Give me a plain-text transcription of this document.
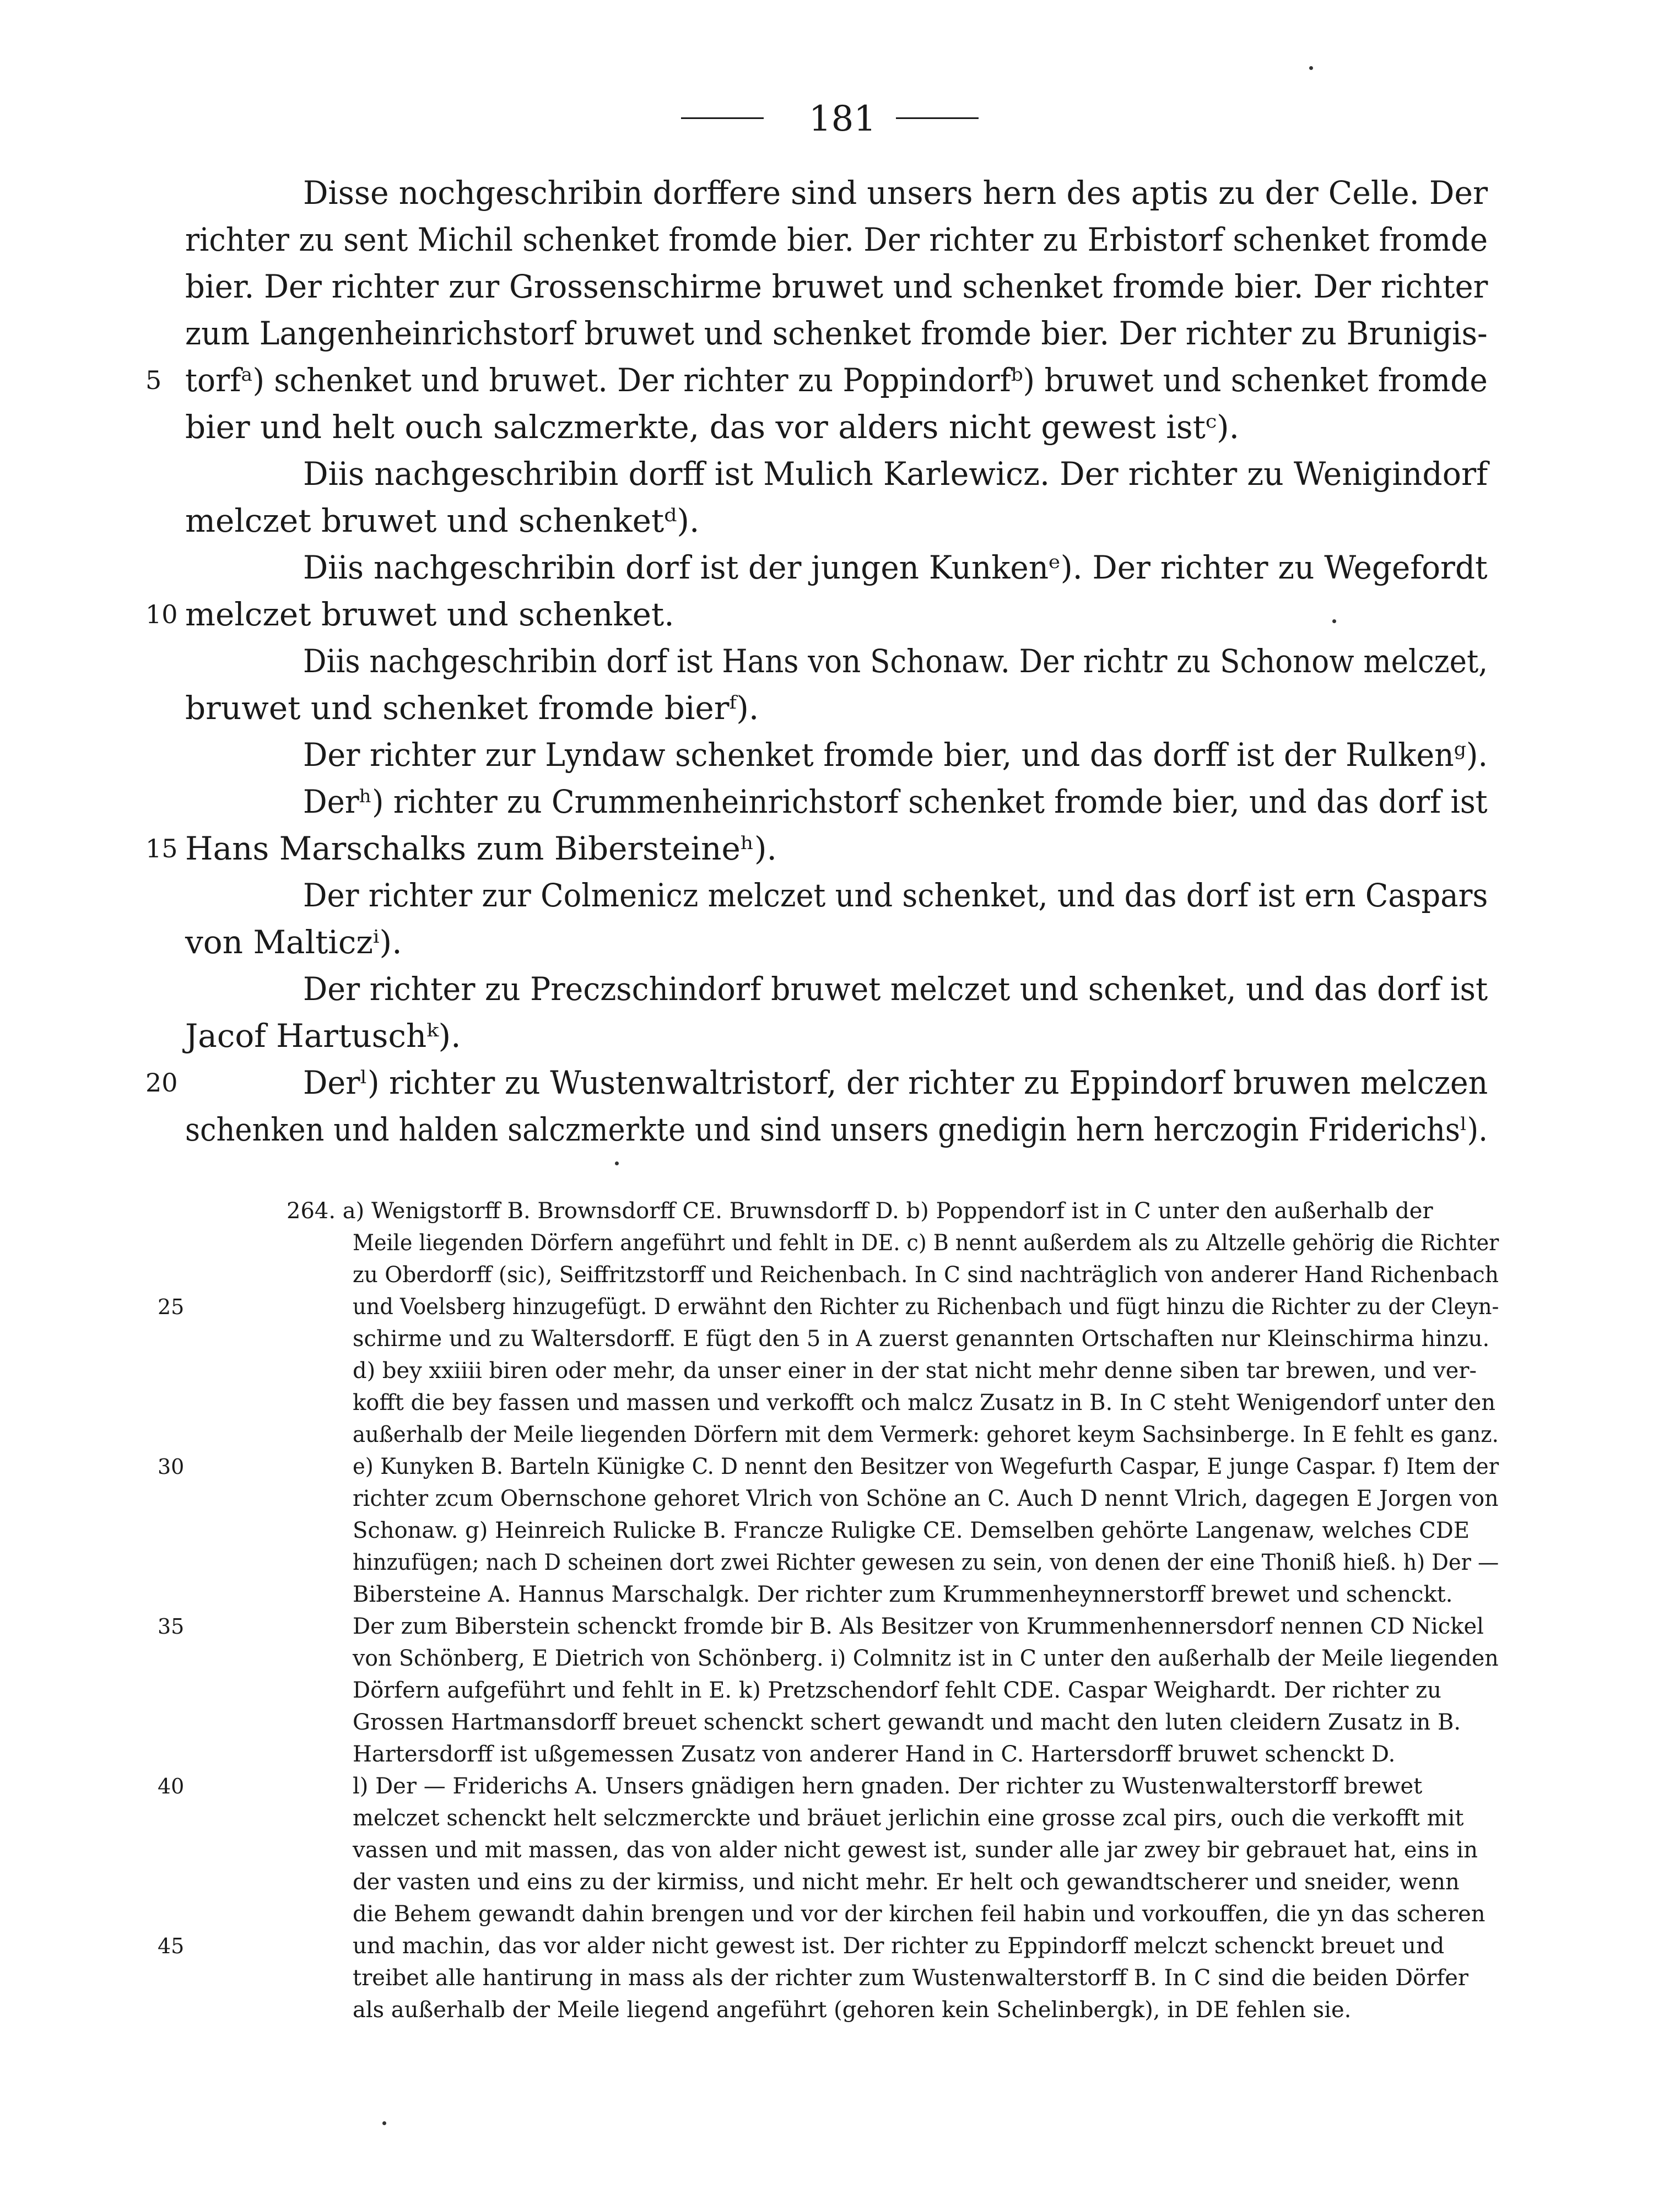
181
Disse nochgeschribin dorffere sind unsers hern des aptis zu der Celle. Der
richter zu sent Michil schenket fromde bier. Der richter zu Erbistorf schenket fromde
bier. Der richter zur Grossenschirme bruwet und schenket fromde bier. Der richter
zum Langenheinrichstorf bruwet und schenket fromde bier. Der richter zu Brunigis-
torfᵃ) schenket und bruwet. Der richter zu Poppindorfᵇ) bruwet und schenket fromde
bier und helt ouch salczmerkte, das vor alders nicht gewest istᶜ).
Diis nachgeschribin dorff ist Mulich Karlewicz. Der richter zu Wenigindorf
melczet bruwet und schenketᵈ).
Diis nachgeschribin dorf ist der jungen Kunkenᵉ). Der richter zu Wegefordt
melczet bruwet und schenket.
Diis nachgeschribin dorf ist Hans von Schonaw. Der richtr zu Schonow melczet,
bruwet und schenket fromde bierᶠ).
Der richter zur Lyndaw schenket fromde bier, und das dorff ist der Rulkenᵍ).
Derʰ) richter zu Crummenheinrichstorf schenket fromde bier, und das dorf ist
Hans Marschalks zum Bibersteineʰ).
Der richter zur Colmenicz melczet und schenket, und das dorf ist ern Caspars
von Malticzⁱ).
Der richter zu Preczschindorf bruwet melczet und schenket, und das dorf ist
Jacof Hartuschᵏ).
Derˡ) richter zu Wustenwaltristorf, der richter zu Eppindorf bruwen melczen
schenken und halden salczmerkte und sind unsers gnedigin hern herczogin Friderichsˡ).
5
10
15
20
264. a) Wenigstorff B. Brownsdorff CE. Bruwnsdorff D. b) Poppendorf ist in C unter den außerhalb der
Meile liegenden Dörfern angeführt und fehlt in DE. c) B nennt außerdem als zu Altzelle gehörig die Richter
zu Oberdorff (sic), Seiffritzstorff und Reichenbach. In C sind nachträglich von anderer Hand Richenbach
und Voelsberg hinzugefügt. D erwähnt den Richter zu Richenbach und fügt hinzu die Richter zu der Cleyn-
schirme und zu Waltersdorff. E fügt den 5 in A zuerst genannten Ortschaften nur Kleinschirma hinzu.
d) bey xxiiii biren oder mehr, da unser einer in der stat nicht mehr denne siben tar brewen, und ver-
kofft die bey fassen und massen und verkofft och malcz Zusatz in B. In C steht Wenigendorf unter den
außerhalb der Meile liegenden Dörfern mit dem Vermerk: gehoret keym Sachsinberge. In E fehlt es ganz.
e) Kunyken B. Barteln Künigke C. D nennt den Besitzer von Wegefurth Caspar, E junge Caspar. f) Item der
richter zcum Obernschone gehoret Vlrich von Schöne an C. Auch D nennt Vlrich, dagegen E Jorgen von
Schonaw. g) Heinreich Rulicke B. Francze Ruligke CE. Demselben gehörte Langenaw, welches CDE
hinzufügen; nach D scheinen dort zwei Richter gewesen zu sein, von denen der eine Thoniß hieß. h) Der —
Bibersteine A. Hannus Marschalgk. Der richter zum Krummenheynnerstorff brewet und schenckt.
Der zum Biberstein schenckt fromde bir B. Als Besitzer von Krummenhennersdorf nennen CD Nickel
von Schönberg, E Dietrich von Schönberg. i) Colmnitz ist in C unter den außerhalb der Meile liegenden
Dörfern aufgeführt und fehlt in E. k) Pretzschendorf fehlt CDE. Caspar Weighardt. Der richter zu
Grossen Hartmansdorff breuet schenckt schert gewandt und macht den luten cleidern Zusatz in B.
Hartersdorff ist ußgemessen Zusatz von anderer Hand in C. Hartersdorff bruwet schenckt D.
l) Der — Friderichs A. Unsers gnädigen hern gnaden. Der richter zu Wustenwalterstorff brewet
melczet schenckt helt selczmerckte und bräuet jerlichin eine grosse zcal pirs, ouch die verkofft mit
vassen und mit massen, das von alder nicht gewest ist, sunder alle jar zwey bir gebrauet hat, eins in
der vasten und eins zu der kirmiss, und nicht mehr. Er helt och gewandtscherer und sneider, wenn
die Behem gewandt dahin brengen und vor der kirchen feil habin und vorkouffen, die yn das scheren
und machin, das vor alder nicht gewest ist. Der richter zu Eppindorff melczt schenckt breuet und
treibet alle hantirung in mass als der richter zum Wustenwalterstorff B. In C sind die beiden Dörfer
als außerhalb der Meile liegend angeführt (gehoren kein Schelinbergk), in DE fehlen sie.
25
30
35
40
45
